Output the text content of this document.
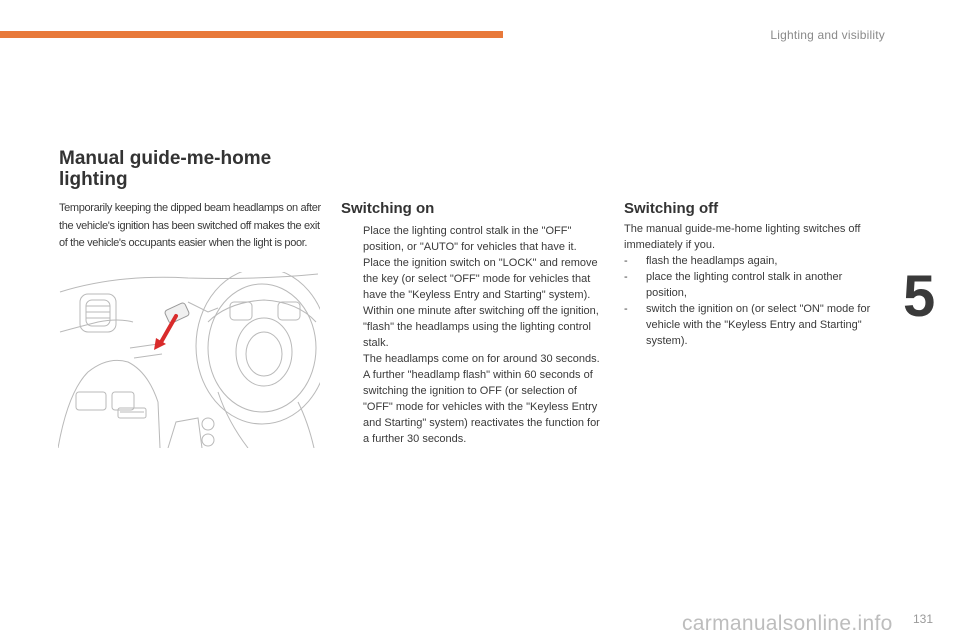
Lighting and visibility
5
Manual guide-me-home
lighting
Temporarily keeping the dipped beam headlamps on after the vehicle's ignition has been switched off makes the exit of the vehicle's occupants easier when the light is poor.
Switching on
Place the lighting control stalk in the "OFF" position, or "AUTO" for vehicles that have it.
Place the ignition switch on "LOCK" and remove the key (or select "OFF" mode for vehicles that have the "Keyless Entry and Starting" system).
Within one minute after switching off the ignition, "flash" the headlamps using the lighting control stalk.
The headlamps come on for around 30 seconds.
A further "headlamp flash" within 60 seconds of switching the ignition to OFF (or selection of "OFF" mode for vehicles with the "Keyless Entry and Starting" system) reactivates the function for a further 30 seconds.
Switching off
The manual guide-me-home lighting switches off immediately if you.
- flash the headlamps again,
- place the lighting control stalk in another position,
- switch the ignition on (or select "ON" mode for vehicle with the "Keyless Entry and Starting" system).
carmanualsonline.info 131
